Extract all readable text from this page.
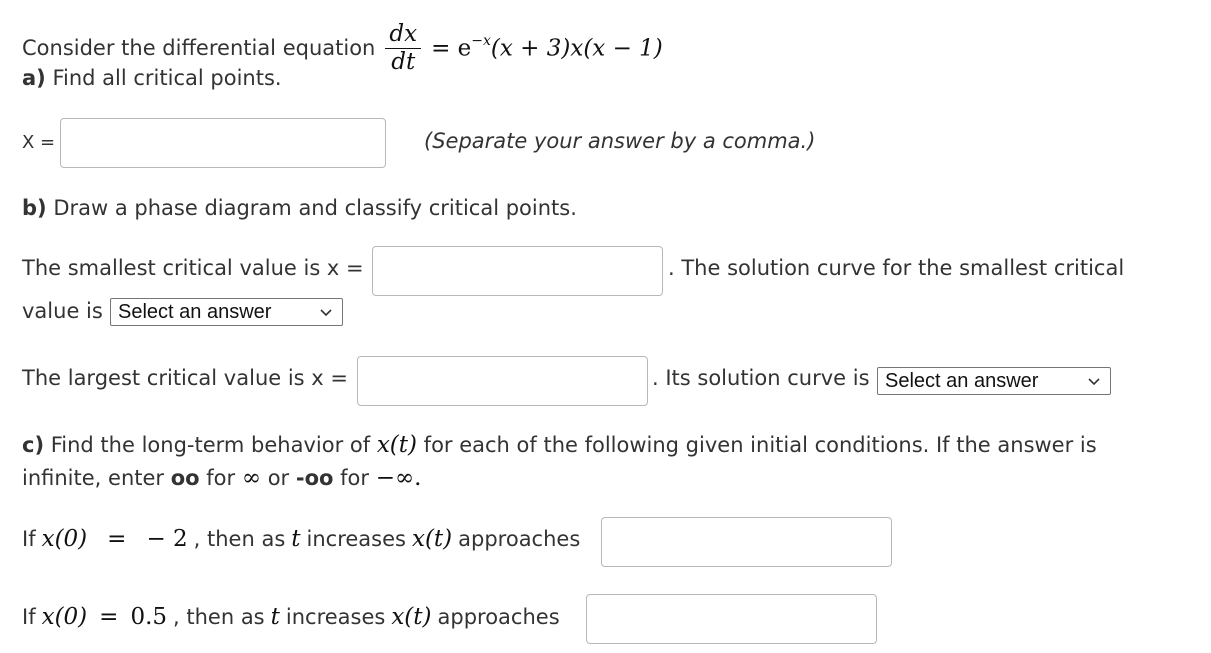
Consider the differential equation $\frac{dx}{dt} = e^{-x}(x + 3)x(x - 1)$
a) Find all critical points.
X =	(Separate your answer by a comma.)
b) Draw a phase diagram and classify critical points.
The smallest critical value is x =	. The solution curve for the smallest critical
value is Select an answer
The largest critical value is x =	. Its solution curve is Select an answer
c) Find the long-term behavior of x(t) for each of the following given initial conditions. If the answer is
infinite, enter oo for ∞ or -oo for −∞.
If x(0) = − 2 , then as t increases x(t) approaches
If x(0) = 0.5 , then as t increases x(t) approaches
